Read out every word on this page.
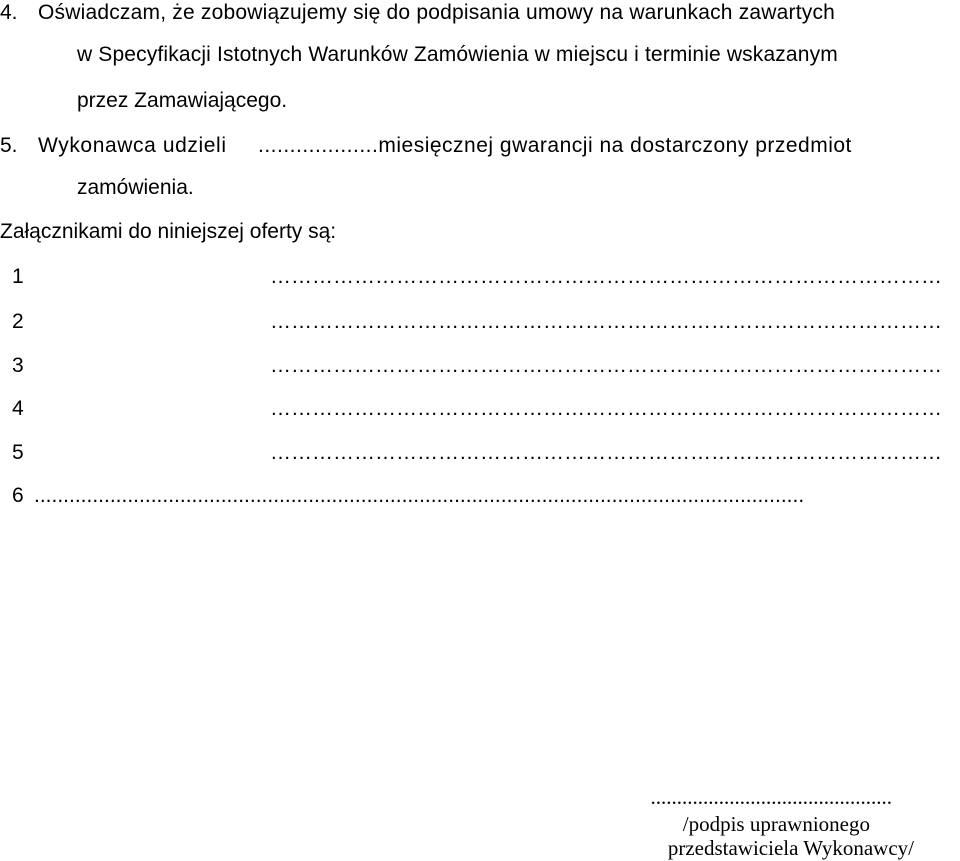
4. Oświadczam, że zobowiązujemy się do podpisania umowy na warunkach zawartych
w Specyfikacji Istotnych Warunków Zamówienia w miejscu i terminie wskazanym
przez Zamawiającego.
5. Wykonawca udzieli ...................miesięcznej gwarancji na dostarczony przedmiot
zamówienia.
Załącznikami do niniejszej oferty są:
1	……………………………………………………………………………………
2	……………………………………………………………………………………
3	……………………………………………………………………………………
4	……………………………………………………………………………………
5	……………………………………………………………………………………
6 ....................................................................................................................................
..............................................
/podpis uprawnionego
przedstawiciela Wykonawcy/
